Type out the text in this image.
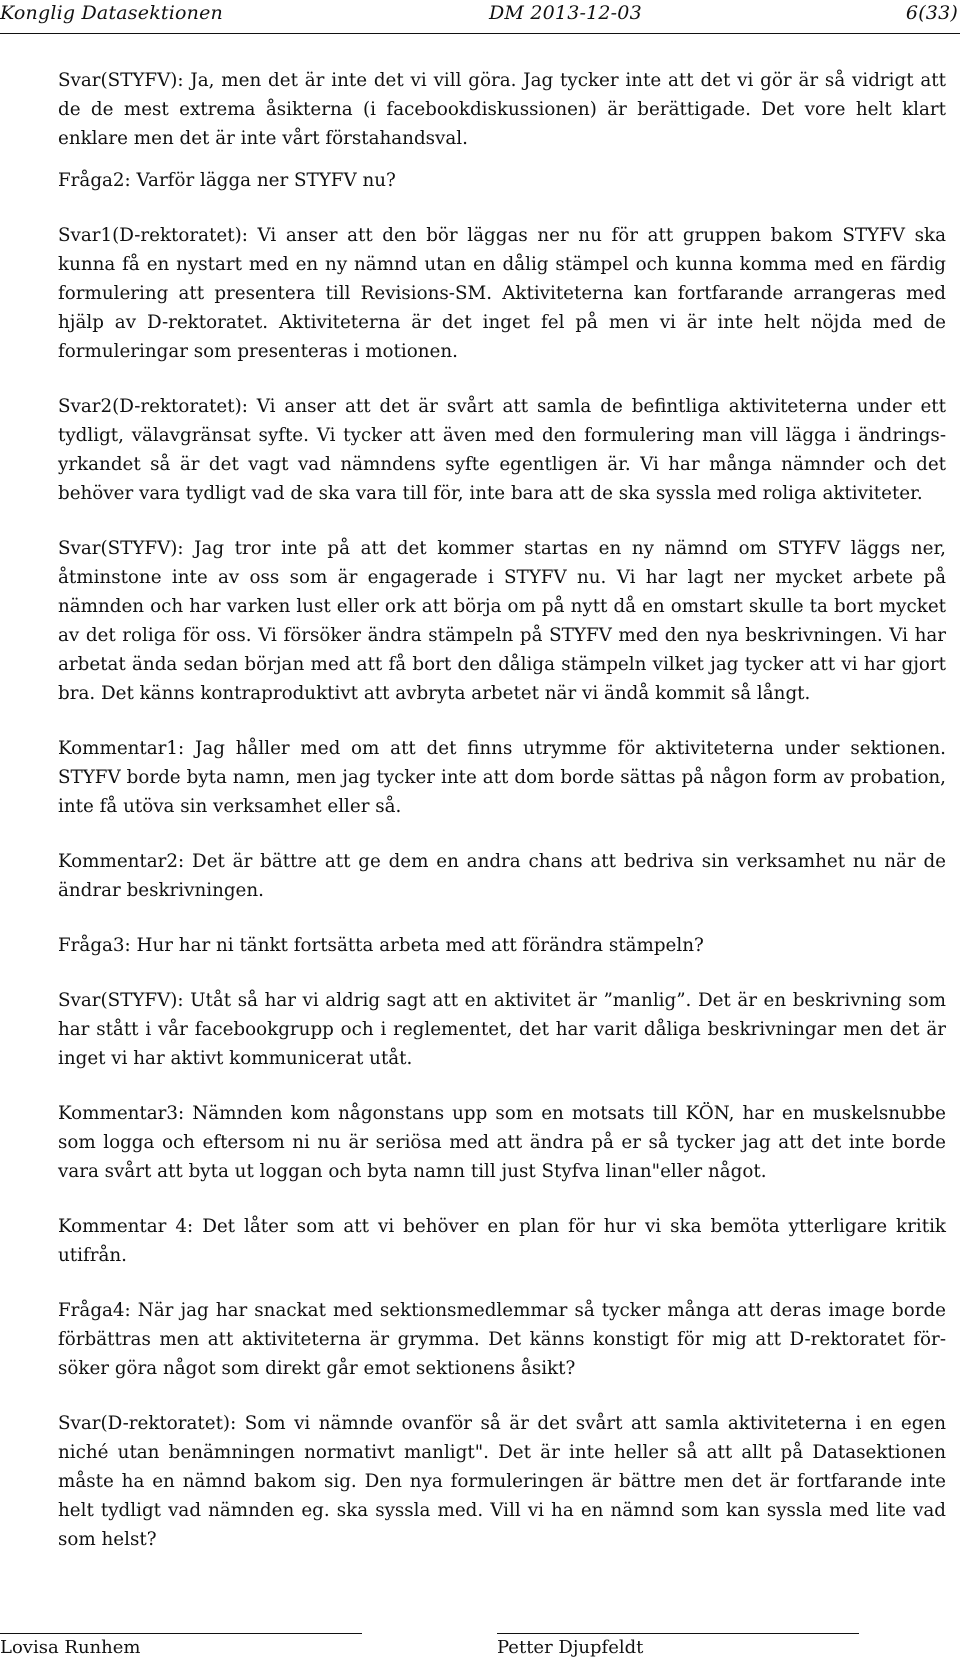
Konglig Datasektionen	DM 2013-12-03	6(33)

Svar(STYFV): Ja, men det är inte det vi vill göra. Jag tycker inte att det vi gör är så vidrigt att de de mest extrema åsikterna (i facebookdiskussionen) är berättigade. Det vore helt klart enklare men det är inte vårt förstahandsval.

Fråga2: Varför lägga ner STYFV nu?

Svar1(D-rektoratet): Vi anser att den bör läggas ner nu för att gruppen bakom STYFV ska kunna få en nystart med en ny nämnd utan en dålig stämpel och kunna komma med en färdig formulering att presentera till Revisions-SM. Aktiviteterna kan fortfarande arrangeras med hjälp av D-rektoratet. Aktiviteterna är det inget fel på men vi är inte helt nöjda med de formuleringar som presenteras i motionen.

Svar2(D-rektoratet): Vi anser att det är svårt att samla de befintliga aktiviteterna under ett tydligt, välavgränsat syfte. Vi tycker att även med den formulering man vill lägga i ändringsyrkandet så är det vagt vad nämndens syfte egentligen är. Vi har många nämnder och det behöver vara tydligt vad de ska vara till för, inte bara att de ska syssla med roliga aktiviteter.

Svar(STYFV): Jag tror inte på att det kommer startas en ny nämnd om STYFV läggs ner, åtminstone inte av oss som är engagerade i STYFV nu. Vi har lagt ner mycket arbete på nämnden och har varken lust eller ork att börja om på nytt då en omstart skulle ta bort mycket av det roliga för oss. Vi försöker ändra stämpeln på STYFV med den nya beskrivningen. Vi har arbetat ända sedan början med att få bort den dåliga stämpeln vilket jag tycker att vi har gjort bra. Det känns kontraproduktivt att avbryta arbetet när vi ändå kommit så långt.

Kommentar1: Jag håller med om att det finns utrymme för aktiviteterna under sektionen. STYFV borde byta namn, men jag tycker inte att dom borde sättas på någon form av probation, inte få utöva sin verksamhet eller så.

Kommentar2: Det är bättre att ge dem en andra chans att bedriva sin verksamhet nu när de ändrar beskrivningen.

Fråga3: Hur har ni tänkt fortsätta arbeta med att förändra stämpeln?

Svar(STYFV): Utåt så har vi aldrig sagt att en aktivitet är ”manlig”. Det är en beskrivning som har stått i vår facebookgrupp och i reglementet, det har varit dåliga beskrivningar men det är inget vi har aktivt kommunicerat utåt.

Kommentar3: Nämnden kom någonstans upp som en motsats till KÖN, har en muskelsnubbe som logga och eftersom ni nu är seriösa med att ändra på er så tycker jag att det inte borde vara svårt att byta ut loggan och byta namn till just Styfva linan"eller något.

Kommentar 4: Det låter som att vi behöver en plan för hur vi ska bemöta ytterligare kritik utifrån.

Fråga4: När jag har snackat med sektionsmedlemmar så tycker många att deras image borde förbättras men att aktiviteterna är grymma. Det känns konstigt för mig att D-rektoratet försöker göra något som direkt går emot sektionens åsikt?

Svar(D-rektoratet): Som vi nämnde ovanför så är det svårt att samla aktiviteterna i en egen niché utan benämningen normativt manligt". Det är inte heller så att allt på Datasektionen måste ha en nämnd bakom sig. Den nya formuleringen är bättre men det är fortfarande inte helt tydligt vad nämnden eg. ska syssla med. Vill vi ha en nämnd som kan syssla med lite vad som helst?

Lovisa Runhem	Petter Djupfeldt
